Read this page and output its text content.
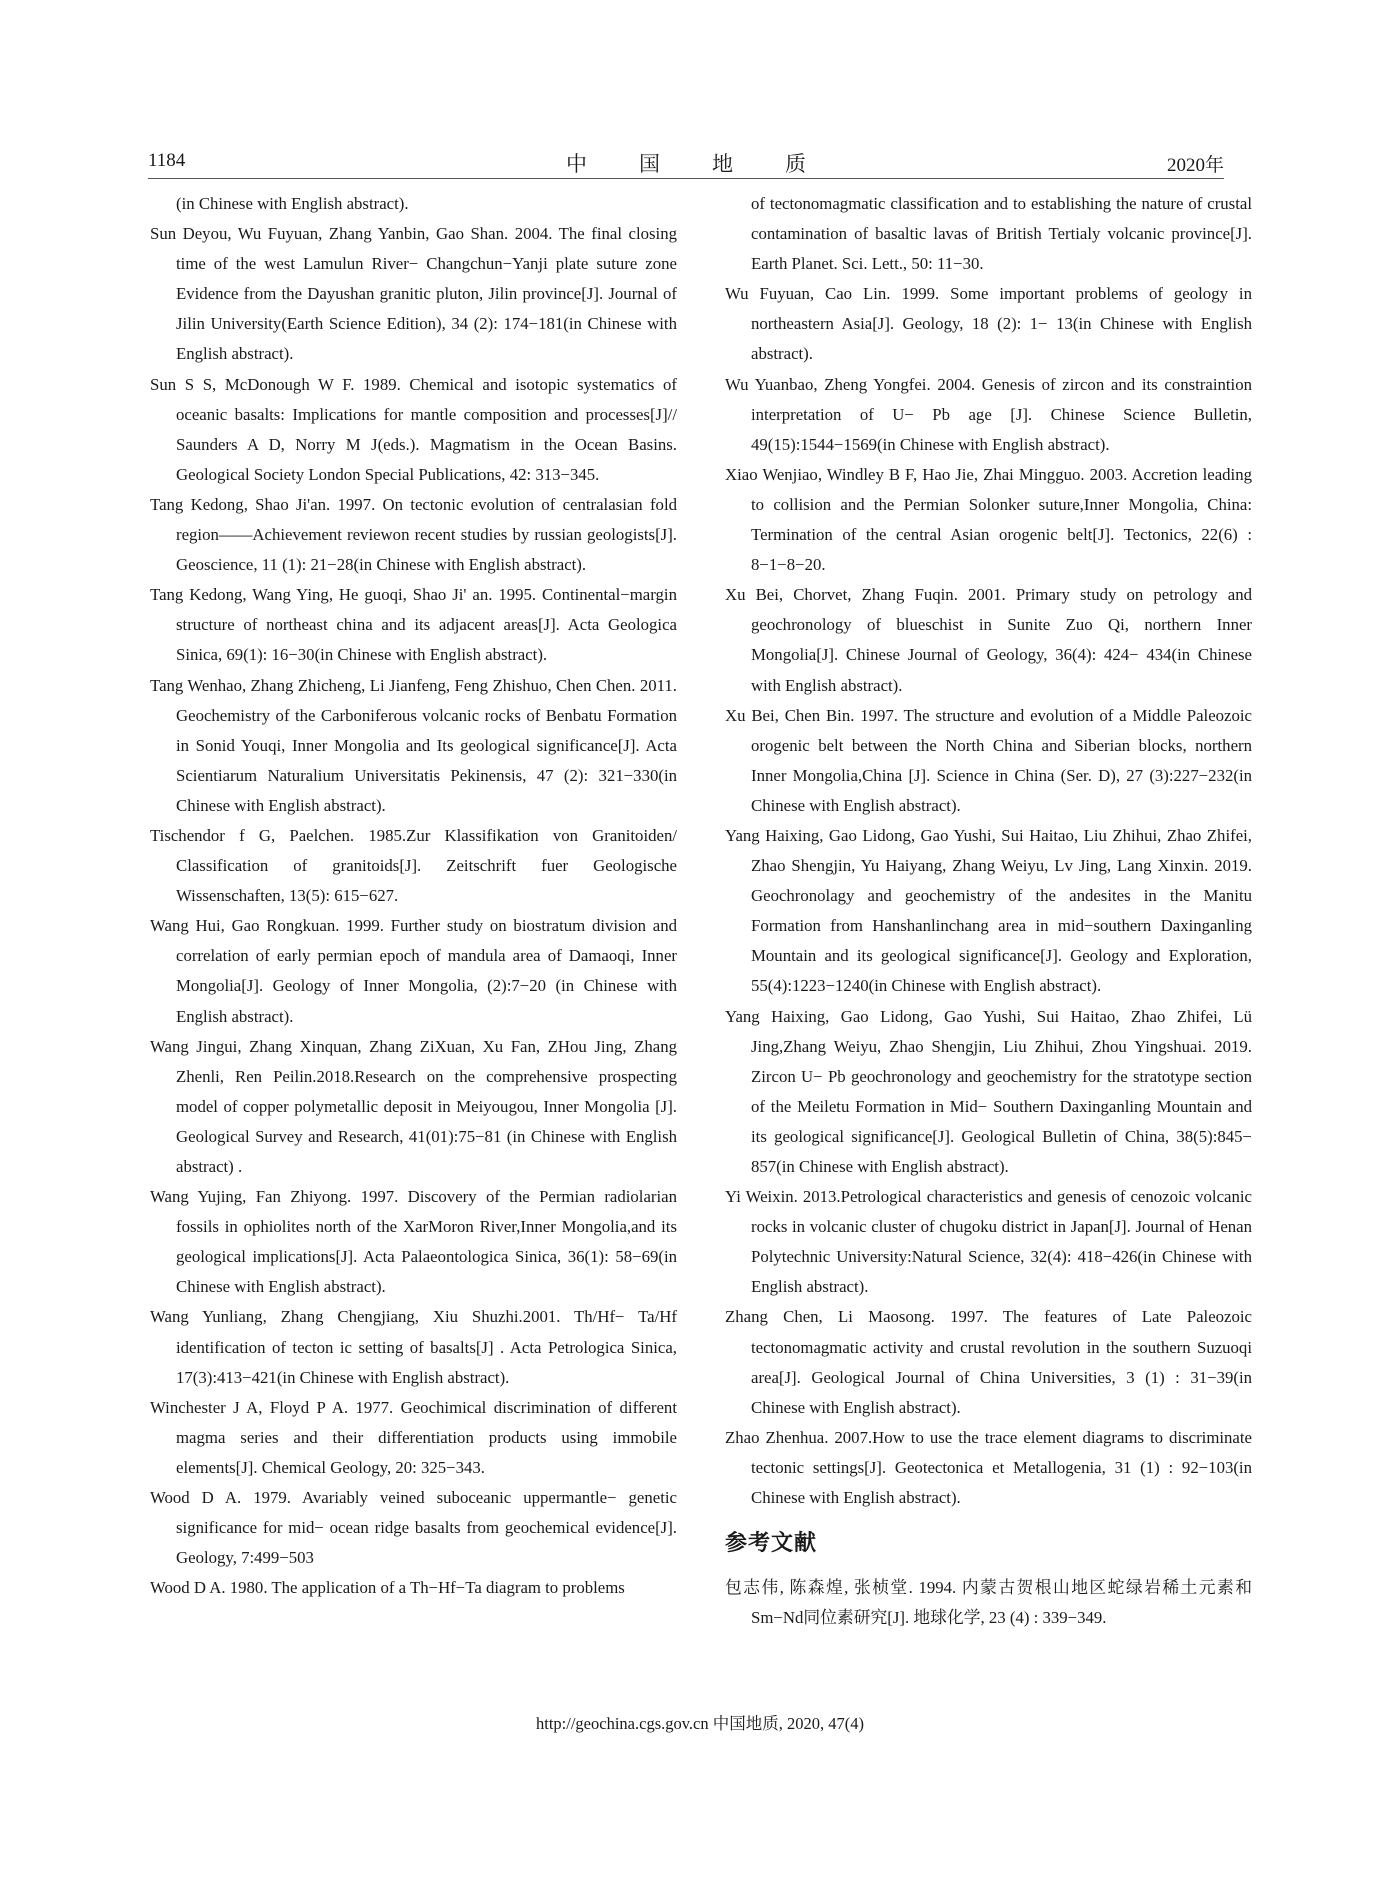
1184	中国地质	2020年

(in Chinese with English abstract).

Sun Deyou, Wu Fuyuan, Zhang Yanbin, Gao Shan. 2004. The final closing time of the west Lamulun River− Changchun−Yanji plate suture zone Evidence from the Dayushan granitic pluton, Jilin province[J]. Journal of Jilin University(Earth Science Edition), 34 (2): 174−181(in Chinese with English abstract).

Sun S S, McDonough W F. 1989. Chemical and isotopic systematics of oceanic basalts: Implications for mantle composition and processes[J]// Saunders A D, Norry M J(eds.). Magmatism in the Ocean Basins. Geological Society London Special Publications, 42: 313−345.

Tang Kedong, Shao Ji'an. 1997. On tectonic evolution of centralasian fold region——Achievement reviewon recent studies by russian geologists[J]. Geoscience, 11 (1): 21−28(in Chinese with English abstract).

Tang Kedong, Wang Ying, He guoqi, Shao Ji' an. 1995. Continental−margin structure of northeast china and its adjacent areas[J]. Acta Geologica Sinica, 69(1): 16−30(in Chinese with English abstract).

Tang Wenhao, Zhang Zhicheng, Li Jianfeng, Feng Zhishuo, Chen Chen. 2011. Geochemistry of the Carboniferous volcanic rocks of Benbatu Formation in Sonid Youqi, Inner Mongolia and Its geological significance[J]. Acta Scientiarum Naturalium Universitatis Pekinensis, 47 (2): 321−330(in Chinese with English abstract).

Tischendor f G, Paelchen. 1985.Zur Klassifikation von Granitoiden/ Classification of granitoids[J]. Zeitschrift fuer Geologische Wissenschaften, 13(5): 615−627.

Wang Hui, Gao Rongkuan. 1999. Further study on biostratum division and correlation of early permian epoch of mandula area of Damaoqi, Inner Mongolia[J]. Geology of Inner Mongolia, (2):7−20 (in Chinese with English abstract).

Wang Jingui, Zhang Xinquan, Zhang ZiXuan, Xu Fan, ZHou Jing, Zhang Zhenli, Ren Peilin.2018.Research on the comprehensive prospecting model of copper polymetallic deposit in Meiyougou, Inner Mongolia [J]. Geological Survey and Research, 41(01):75−81 (in Chinese with English abstract) .

Wang Yujing, Fan Zhiyong. 1997. Discovery of the Permian radiolarian fossils in ophiolites north of the XarMoron River,Inner Mongolia,and its geological implications[J]. Acta Palaeontologica Sinica, 36(1): 58−69(in Chinese with English abstract).

Wang Yunliang, Zhang Chengjiang, Xiu Shuzhi.2001. Th/Hf− Ta/Hf identification of tecton ic setting of basalts[J] . Acta Petrologica Sinica, 17(3):413−421(in Chinese with English abstract).

Winchester J A, Floyd P A. 1977. Geochimical discrimination of different magma series and their differentiation products using immobile elements[J]. Chemical Geology, 20: 325−343.

Wood D A. 1979. Avariably veined suboceanic uppermantle− genetic significance for mid− ocean ridge basalts from geochemical evidence[J]. Geology, 7:499−503

Wood D A. 1980. The application of a Th−Hf−Ta diagram to problems

of tectonomagmatic classification and to establishing the nature of crustal contamination of basaltic lavas of British Tertialy volcanic province[J]. Earth Planet. Sci. Lett., 50: 11−30.

Wu Fuyuan, Cao Lin. 1999. Some important problems of geology in northeastern Asia[J]. Geology, 18 (2): 1− 13(in Chinese with English abstract).

Wu Yuanbao, Zheng Yongfei. 2004. Genesis of zircon and its constraintion interpretation of U− Pb age [J]. Chinese Science Bulletin, 49(15):1544−1569(in Chinese with English abstract).

Xiao Wenjiao, Windley B F, Hao Jie, Zhai Mingguo. 2003. Accretion leading to collision and the Permian Solonker suture,Inner Mongolia, China: Termination of the central Asian orogenic belt[J]. Tectonics, 22(6) : 8−1−8−20.

Xu Bei, Chorvet, Zhang Fuqin. 2001. Primary study on petrology and geochronology of blueschist in Sunite Zuo Qi, northern Inner Mongolia[J]. Chinese Journal of Geology, 36(4): 424− 434(in Chinese with English abstract).

Xu Bei, Chen Bin. 1997. The structure and evolution of a Middle Paleozoic orogenic belt between the North China and Siberian blocks, northern Inner Mongolia,China [J]. Science in China (Ser. D), 27 (3):227−232(in Chinese with English abstract).

Yang Haixing, Gao Lidong, Gao Yushi, Sui Haitao, Liu Zhihui, Zhao Zhifei, Zhao Shengjin, Yu Haiyang, Zhang Weiyu, Lv Jing, Lang Xinxin. 2019. Geochronolagy and geochemistry of the andesites in the Manitu Formation from Hanshanlinchang area in mid−southern Daxinganling Mountain and its geological significance[J]. Geology and Exploration, 55(4):1223−1240(in Chinese with English abstract).

Yang Haixing, Gao Lidong, Gao Yushi, Sui Haitao, Zhao Zhifei, Lü Jing,Zhang Weiyu, Zhao Shengjin, Liu Zhihui, Zhou Yingshuai. 2019. Zircon U− Pb geochronology and geochemistry for the stratotype section of the Meiletu Formation in Mid− Southern Daxinganling Mountain and its geological significance[J]. Geological Bulletin of China, 38(5):845− 857(in Chinese with English abstract).

Yi Weixin. 2013.Petrological characteristics and genesis of cenozoic volcanic rocks in volcanic cluster of chugoku district in Japan[J]. Journal of Henan Polytechnic University:Natural Science, 32(4): 418−426(in Chinese with English abstract).

Zhang Chen, Li Maosong. 1997. The features of Late Paleozoic tectonomagmatic activity and crustal revolution in the southern Suzuoqi area[J]. Geological Journal of China Universities, 3 (1) : 31−39(in Chinese with English abstract).

Zhao Zhenhua. 2007.How to use the trace element diagrams to discriminate tectonic settings[J]. Geotectonica et Metallogenia, 31 (1) : 92−103(in Chinese with English abstract).

参考文献

包志伟, 陈森煌, 张桢堂. 1994. 内蒙古贺根山地区蛇绿岩稀土元素和Sm−Nd同位素研究[J]. 地球化学, 23 (4) : 339−349.

http://geochina.cgs.gov.cn 中国地质, 2020, 47(4)
